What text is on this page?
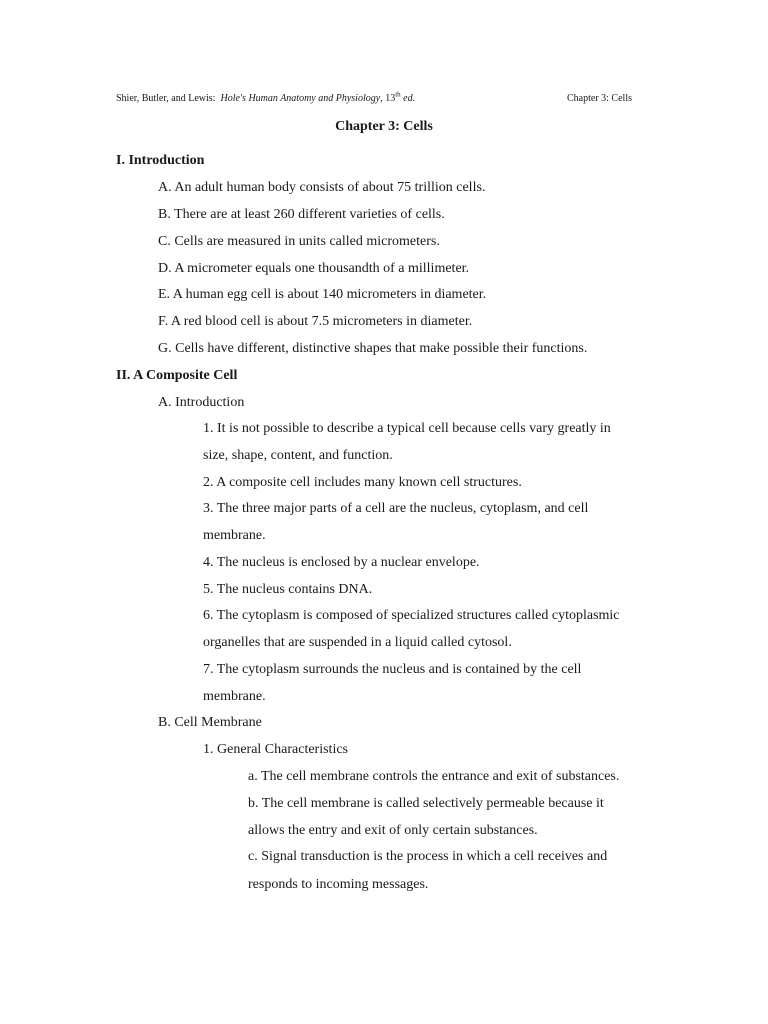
Shier, Butler, and Lewis: Hole's Human Anatomy and Physiology, 13th ed.	Chapter 3: Cells
Chapter 3: Cells
I. Introduction
A. An adult human body consists of about 75 trillion cells.
B. There are at least 260 different varieties of cells.
C. Cells are measured in units called micrometers.
D. A micrometer equals one thousandth of a millimeter.
E. A human egg cell is about 140 micrometers in diameter.
F. A red blood cell is about 7.5 micrometers in diameter.
G. Cells have different, distinctive shapes that make possible their functions.
II. A Composite Cell
A. Introduction
1. It is not possible to describe a typical cell because cells vary greatly in
size, shape, content, and function.
2. A composite cell includes many known cell structures.
3. The three major parts of a cell are the nucleus, cytoplasm, and cell
membrane.
4. The nucleus is enclosed by a nuclear envelope.
5. The nucleus contains DNA.
6. The cytoplasm is composed of specialized structures called cytoplasmic
organelles that are suspended in a liquid called cytosol.
7. The cytoplasm surrounds the nucleus and is contained by the cell
membrane.
B. Cell Membrane
1. General Characteristics
a. The cell membrane controls the entrance and exit of substances.
b. The cell membrane is called selectively permeable because it
allows the entry and exit of only certain substances.
c. Signal transduction is the process in which a cell receives and
responds to incoming messages.
